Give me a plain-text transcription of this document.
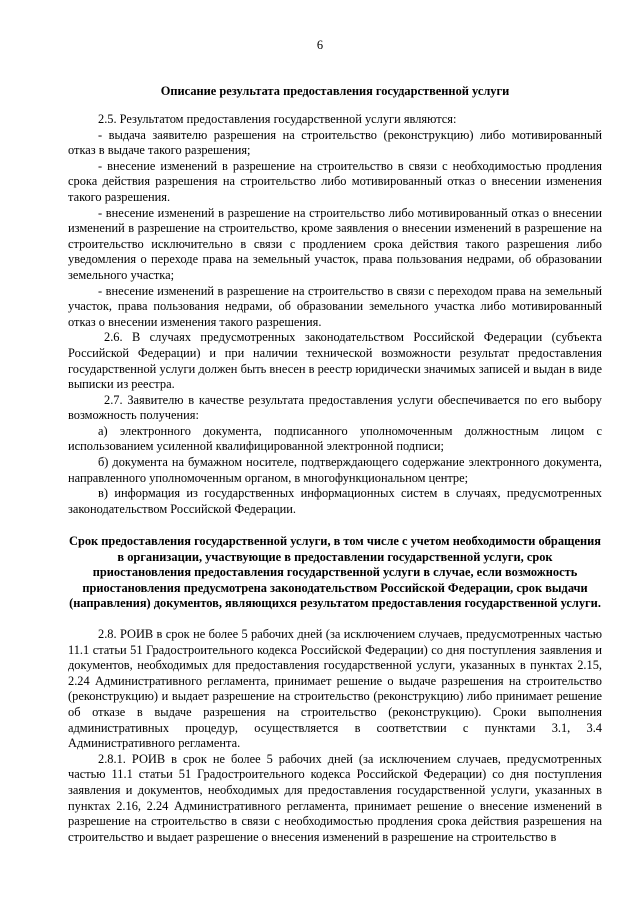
6
Описание результата предоставления государственной услуги

2.5. Результатом предоставления государственной услуги являются:

- выдача заявителю разрешения на строительство (реконструкцию) либо мотивированный отказ в выдаче такого разрешения;

- внесение изменений в разрешение на строительство в связи с необходимостью продления срока действия разрешения на строительство либо мотивированный отказ о внесении изменения такого разрешения.

- внесение изменений в разрешение на строительство либо мотивированный отказ о внесении изменений в разрешение на строительство, кроме заявления о внесении изменений в разрешение на строительство исключительно в связи с продлением срока действия такого разрешения либо уведомления о переходе права на земельный участок, права пользования недрами, об образовании земельного участка;

- внесение изменений в разрешение на строительство в связи с переходом права на земельный участок, права пользования недрами, об образовании земельного участка либо мотивированный отказ о внесении изменения такого разрешения.

2.6. В случаях предусмотренных законодательством Российской Федерации (субъекта Российской Федерации) и при наличии технической возможности результат предоставления государственной услуги должен быть внесен в реестр юридически значимых записей и выдан в виде выписки из реестра.

2.7. Заявителю в качестве результата предоставления услуги обеспечивается по его выбору возможность получения:

а) электронного документа, подписанного уполномоченным должностным лицом с использованием усиленной квалифицированной электронной подписи;

б) документа на бумажном носителе, подтверждающего содержание электронного документа, направленного уполномоченным органом, в многофункциональном центре;

в) информация из государственных информационных систем в случаях, предусмотренных законодательством Российской Федерации.

Срок предоставления государственной услуги, в том числе с учетом необходимости обращения в организации, участвующие в предоставлении государственной услуги, срок приостановления предоставления государственной услуги в случае, если возможность приостановления предусмотрена законодательством Российской Федерации, срок выдачи (направления) документов, являющихся результатом предоставления государственной услуги.

2.8. РОИВ в срок не более 5 рабочих дней (за исключением случаев, предусмотренных частью 11.1 статьи 51 Градостроительного кодекса Российской Федерации) со дня поступления заявления и документов, необходимых для предоставления государственной услуги, указанных в пунктах 2.15, 2.24 Административного регламента, принимает решение о выдаче разрешения на строительство (реконструкцию) и выдает разрешение на строительство (реконструкцию) либо принимает решение об отказе в выдаче разрешения на строительство (реконструкцию). Сроки выполнения административных процедур, осуществляется в соответствии с пунктами 3.1, 3.4 Административного регламента.

2.8.1. РОИВ в срок не более 5 рабочих дней (за исключением случаев, предусмотренных частью 11.1 статьи 51 Градостроительного кодекса Российской Федерации) со дня поступления заявления и документов, необходимых для предоставления государственной услуги, указанных в пунктах 2.16, 2.24 Административного регламента, принимает решение о внесение изменений в разрешение на строительство в связи с необходимостью продления срока действия разрешения на строительство и выдает разрешение о внесения изменений в разрешение на строительство в
